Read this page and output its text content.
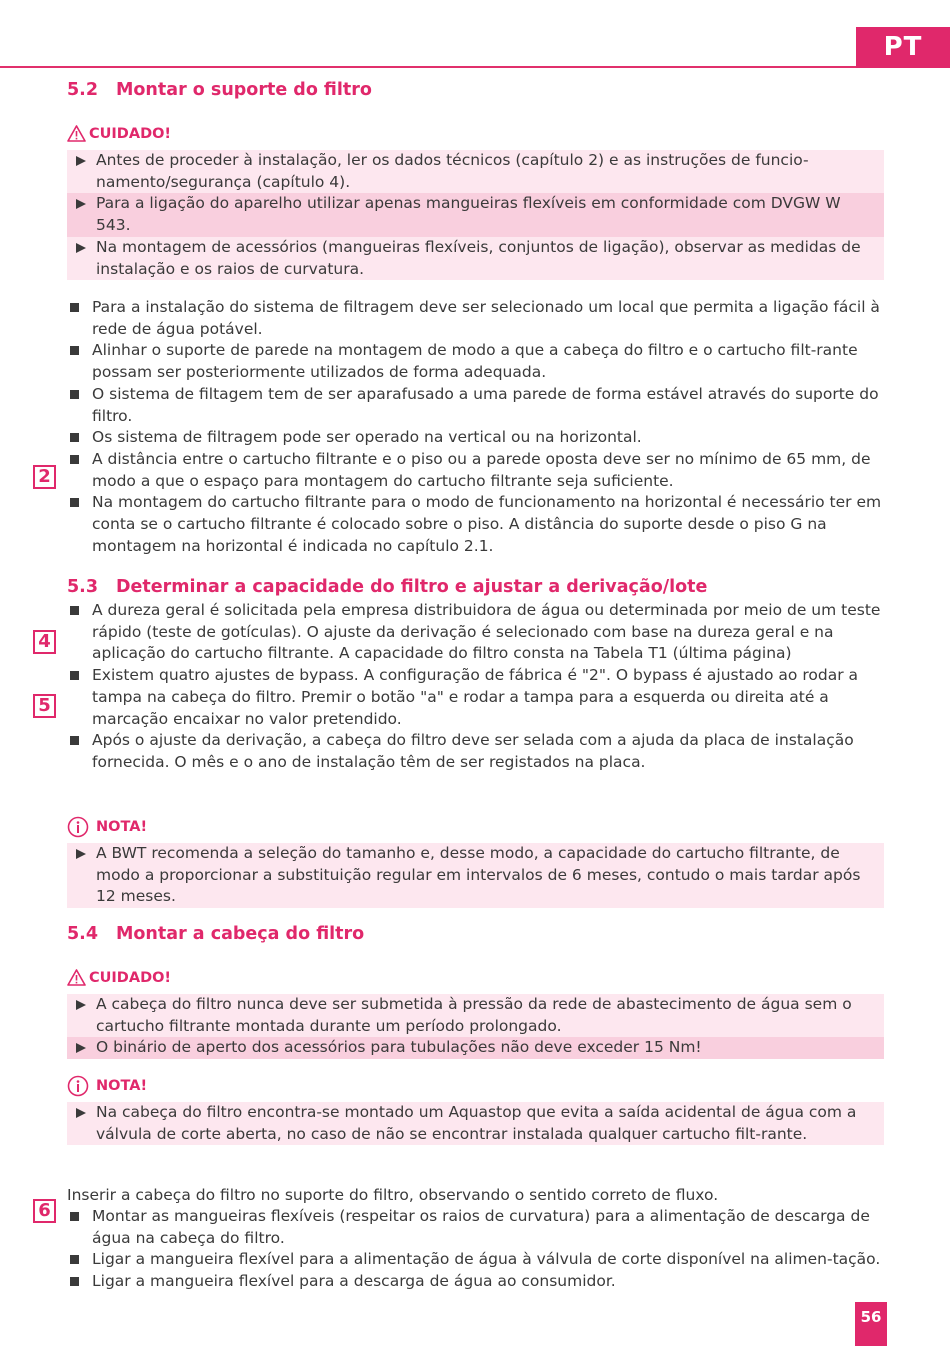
PT
5.2 Montar o suporte do filtro
CUIDADO!
Antes de proceder à instalação, ler os dados técnicos (capítulo 2) e as instruções de funcio-namento/segurança (capítulo 4).
Para a ligação do aparelho utilizar apenas mangueiras flexíveis em conformidade com DVGW W 543.
Na montagem de acessórios (mangueiras flexíveis, conjuntos de ligação), observar as medidas de instalação e os raios de curvatura.
Para a instalação do sistema de filtragem deve ser selecionado um local que permita a ligação fácil à rede de água potável.
Alinhar o suporte de parede na montagem de modo a que a cabeça do filtro e o cartucho filt-rante possam ser posteriormente utilizados de forma adequada.
O sistema de filtagem tem de ser aparafusado a uma parede de forma estável através do suporte do filtro.
Os sistema de filtragem pode ser operado na vertical ou na horizontal.
A distância entre o cartucho filtrante e o piso ou a parede oposta deve ser no mínimo de 65 mm, de modo a que o espaço para montagem do cartucho filtrante seja suficiente.
Na montagem do cartucho filtrante para o modo de funcionamento na horizontal é necessário ter em conta se o cartucho filtrante é colocado sobre o piso. A distância do suporte desde o piso G na montagem na horizontal é indicada no capítulo 2.1.
2
5.3 Determinar a capacidade do filtro e ajustar a derivação/lote
A dureza geral é solicitada pela empresa distribuidora de água ou determinada por meio de um teste rápido (teste de gotículas). O ajuste da derivação é selecionado com base na dureza geral e na aplicação do cartucho filtrante. A capacidade do filtro consta na Tabela T1 (última página)
Existem quatro ajustes de bypass. A configuração de fábrica é "2". O bypass é ajustado ao rodar a tampa na cabeça do filtro. Premir o botão "a" e rodar a tampa para a esquerda ou direita até a marcação encaixar no valor pretendido.
Após o ajuste da derivação, a cabeça do filtro deve ser selada com a ajuda da placa de instalação fornecida. O mês e o ano de instalação têm de ser registados na placa.
4
5
NOTA!
A BWT recomenda a seleção do tamanho e, desse modo, a capacidade do cartucho filtrante, de modo a proporcionar a substituição regular em intervalos de 6 meses, contudo o mais tardar após 12 meses.
5.4 Montar a cabeça do filtro
CUIDADO!
A cabeça do filtro nunca deve ser submetida à pressão da rede de abastecimento de água sem o cartucho filtrante montada durante um período prolongado.
O binário de aperto dos acessórios para tubulações não deve exceder 15 Nm!
NOTA!
Na cabeça do filtro encontra-se montado um Aquastop que evita a saída acidental de água com a válvula de corte aberta, no caso de não se encontrar instalada qualquer cartucho filt-rante.
Inserir a cabeça do filtro no suporte do filtro, observando o sentido correto de fluxo.
Montar as mangueiras flexíveis (respeitar os raios de curvatura) para a alimentação de descarga de água na cabeça do filtro.
Ligar a mangueira flexível para a alimentação de água à válvula de corte disponível na alimen-tação.
Ligar a mangueira flexível para a descarga de água ao consumidor.
6
56
